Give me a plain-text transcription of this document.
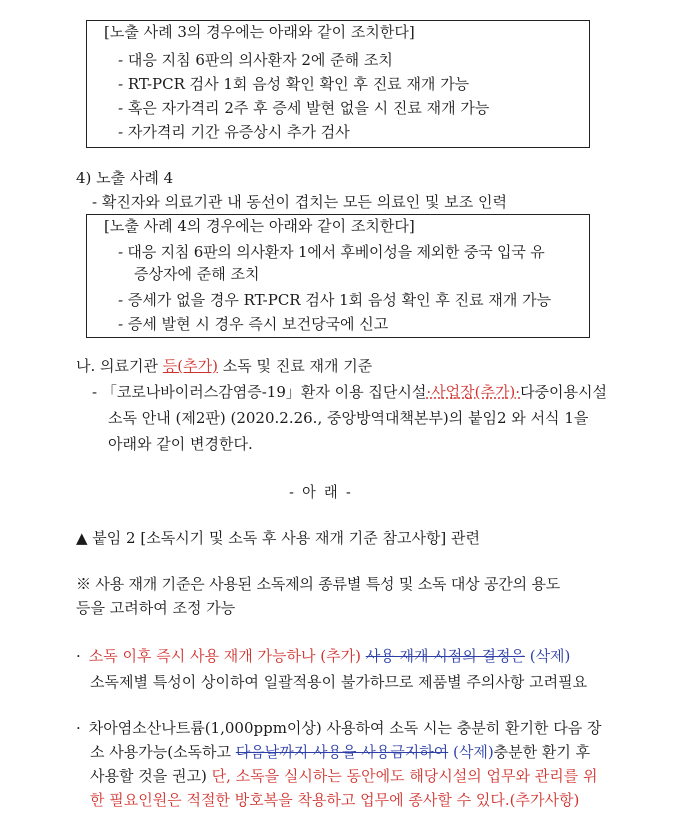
[노출 사례 3의 경우에는 아래와 같이 조치한다]
- 대응 지침 6판의 의사환자 2에 준해 조치
- RT-PCR 검사 1회 음성 확인 확인 후 진료 재개 가능
- 혹은 자가격리 2주 후 증세 발현 없을 시 진료 재개 가능
- 자가격리 기간 유증상시 추가 검사
4) 노출 사례 4
- 확진자와 의료기관 내 동선이 겹치는 모든 의료인 및 보조 인력
[노출 사례 4의 경우에는 아래와 같이 조치한다]
- 대응 지침 6판의 의사환자 1에서 후베이성을 제외한 중국 입국 유
증상자에 준해 조치
- 증세가 없을 경우 RT-PCR 검사 1회 음성 확인 후 진료 재개 가능
- 증세 발현 시 경우 즉시 보건당국에 신고
나. 의료기관 등(추가) 소독 및 진료 재개 기준
- 「코로나바이러스감염증-19」환자 이용 집단시설·사업장(추가)·다중이용시설
소독 안내 (제2판) (2020.2.26., 중앙방역대책본부)의 붙임2 와 서식 1을
아래와 같이 변경한다.
- 아 래 -
▲ 붙임 2 [소독시기 및 소독 후 사용 재개 기준 참고사항] 관련
※ 사용 재개 기준은 사용된 소독제의 종류별 특성 및 소독 대상 공간의 용도
등을 고려하여 조정 가능
· 소독 이후 즉시 사용 재개 가능하나 (추가) 사용 재개 시점의 결정은 (삭제)
소독제별 특성이 상이하여 일괄적용이 불가하므로 제품별 주의사항 고려필요
· 차아염소산나트륨(1,000ppm이상) 사용하여 소독 시는 충분히 환기한 다음 장
소 사용가능(소독하고 다음날까지 사용을 사용금지하여 (삭제)충분한 환기 후
사용할 것을 권고) 단, 소독을 실시하는 동안에도 해당시설의 업무와 관리를 위
한 필요인원은 적절한 방호복을 착용하고 업무에 종사할 수 있다.(추가사항)
